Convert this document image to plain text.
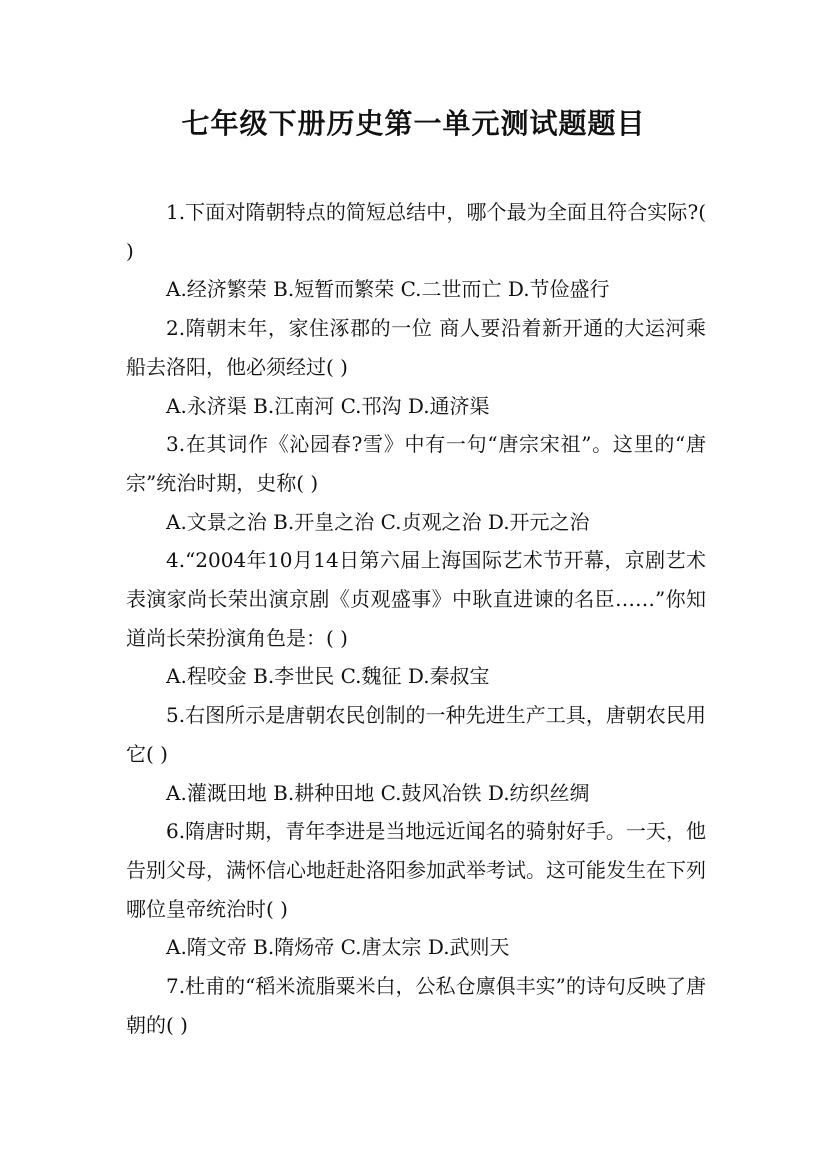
七年级下册历史第一单元测试题题目

1.下面对隋朝特点的简短总结中，哪个最为全面且符合实际?( )

A.经济繁荣 B.短暂而繁荣 C.二世而亡 D.节俭盛行

2.隋朝末年，家住涿郡的一位 商人要沿着新开通的大运河乘船去洛阳，他必须经过( )

A.永济渠 B.江南河 C.邗沟 D.通济渠

3.在其词作《沁园春?雪》中有一句“唐宗宋祖”。这里的“唐宗”统治时期，史称( )

A.文景之治 B.开皇之治 C.贞观之治 D.开元之治

4.“2004年10月14日第六届上海国际艺术节开幕，京剧艺术表演家尚长荣出演京剧《贞观盛事》中耿直进谏的名臣……”你知道尚长荣扮演角色是：( )

A.程咬金 B.李世民 C.魏征 D.秦叔宝

5.右图所示是唐朝农民创制的一种先进生产工具，唐朝农民用它( )

A.灌溉田地 B.耕种田地 C.鼓风冶铁 D.纺织丝绸

6.隋唐时期，青年李进是当地远近闻名的骑射好手。一天，他告别父母，满怀信心地赶赴洛阳参加武举考试。这可能发生在下列哪位皇帝统治时( )

A.隋文帝 B.隋炀帝 C.唐太宗 D.武则天

7.杜甫的“稻米流脂粟米白，公私仓廪俱丰实”的诗句反映了唐 朝的( )
